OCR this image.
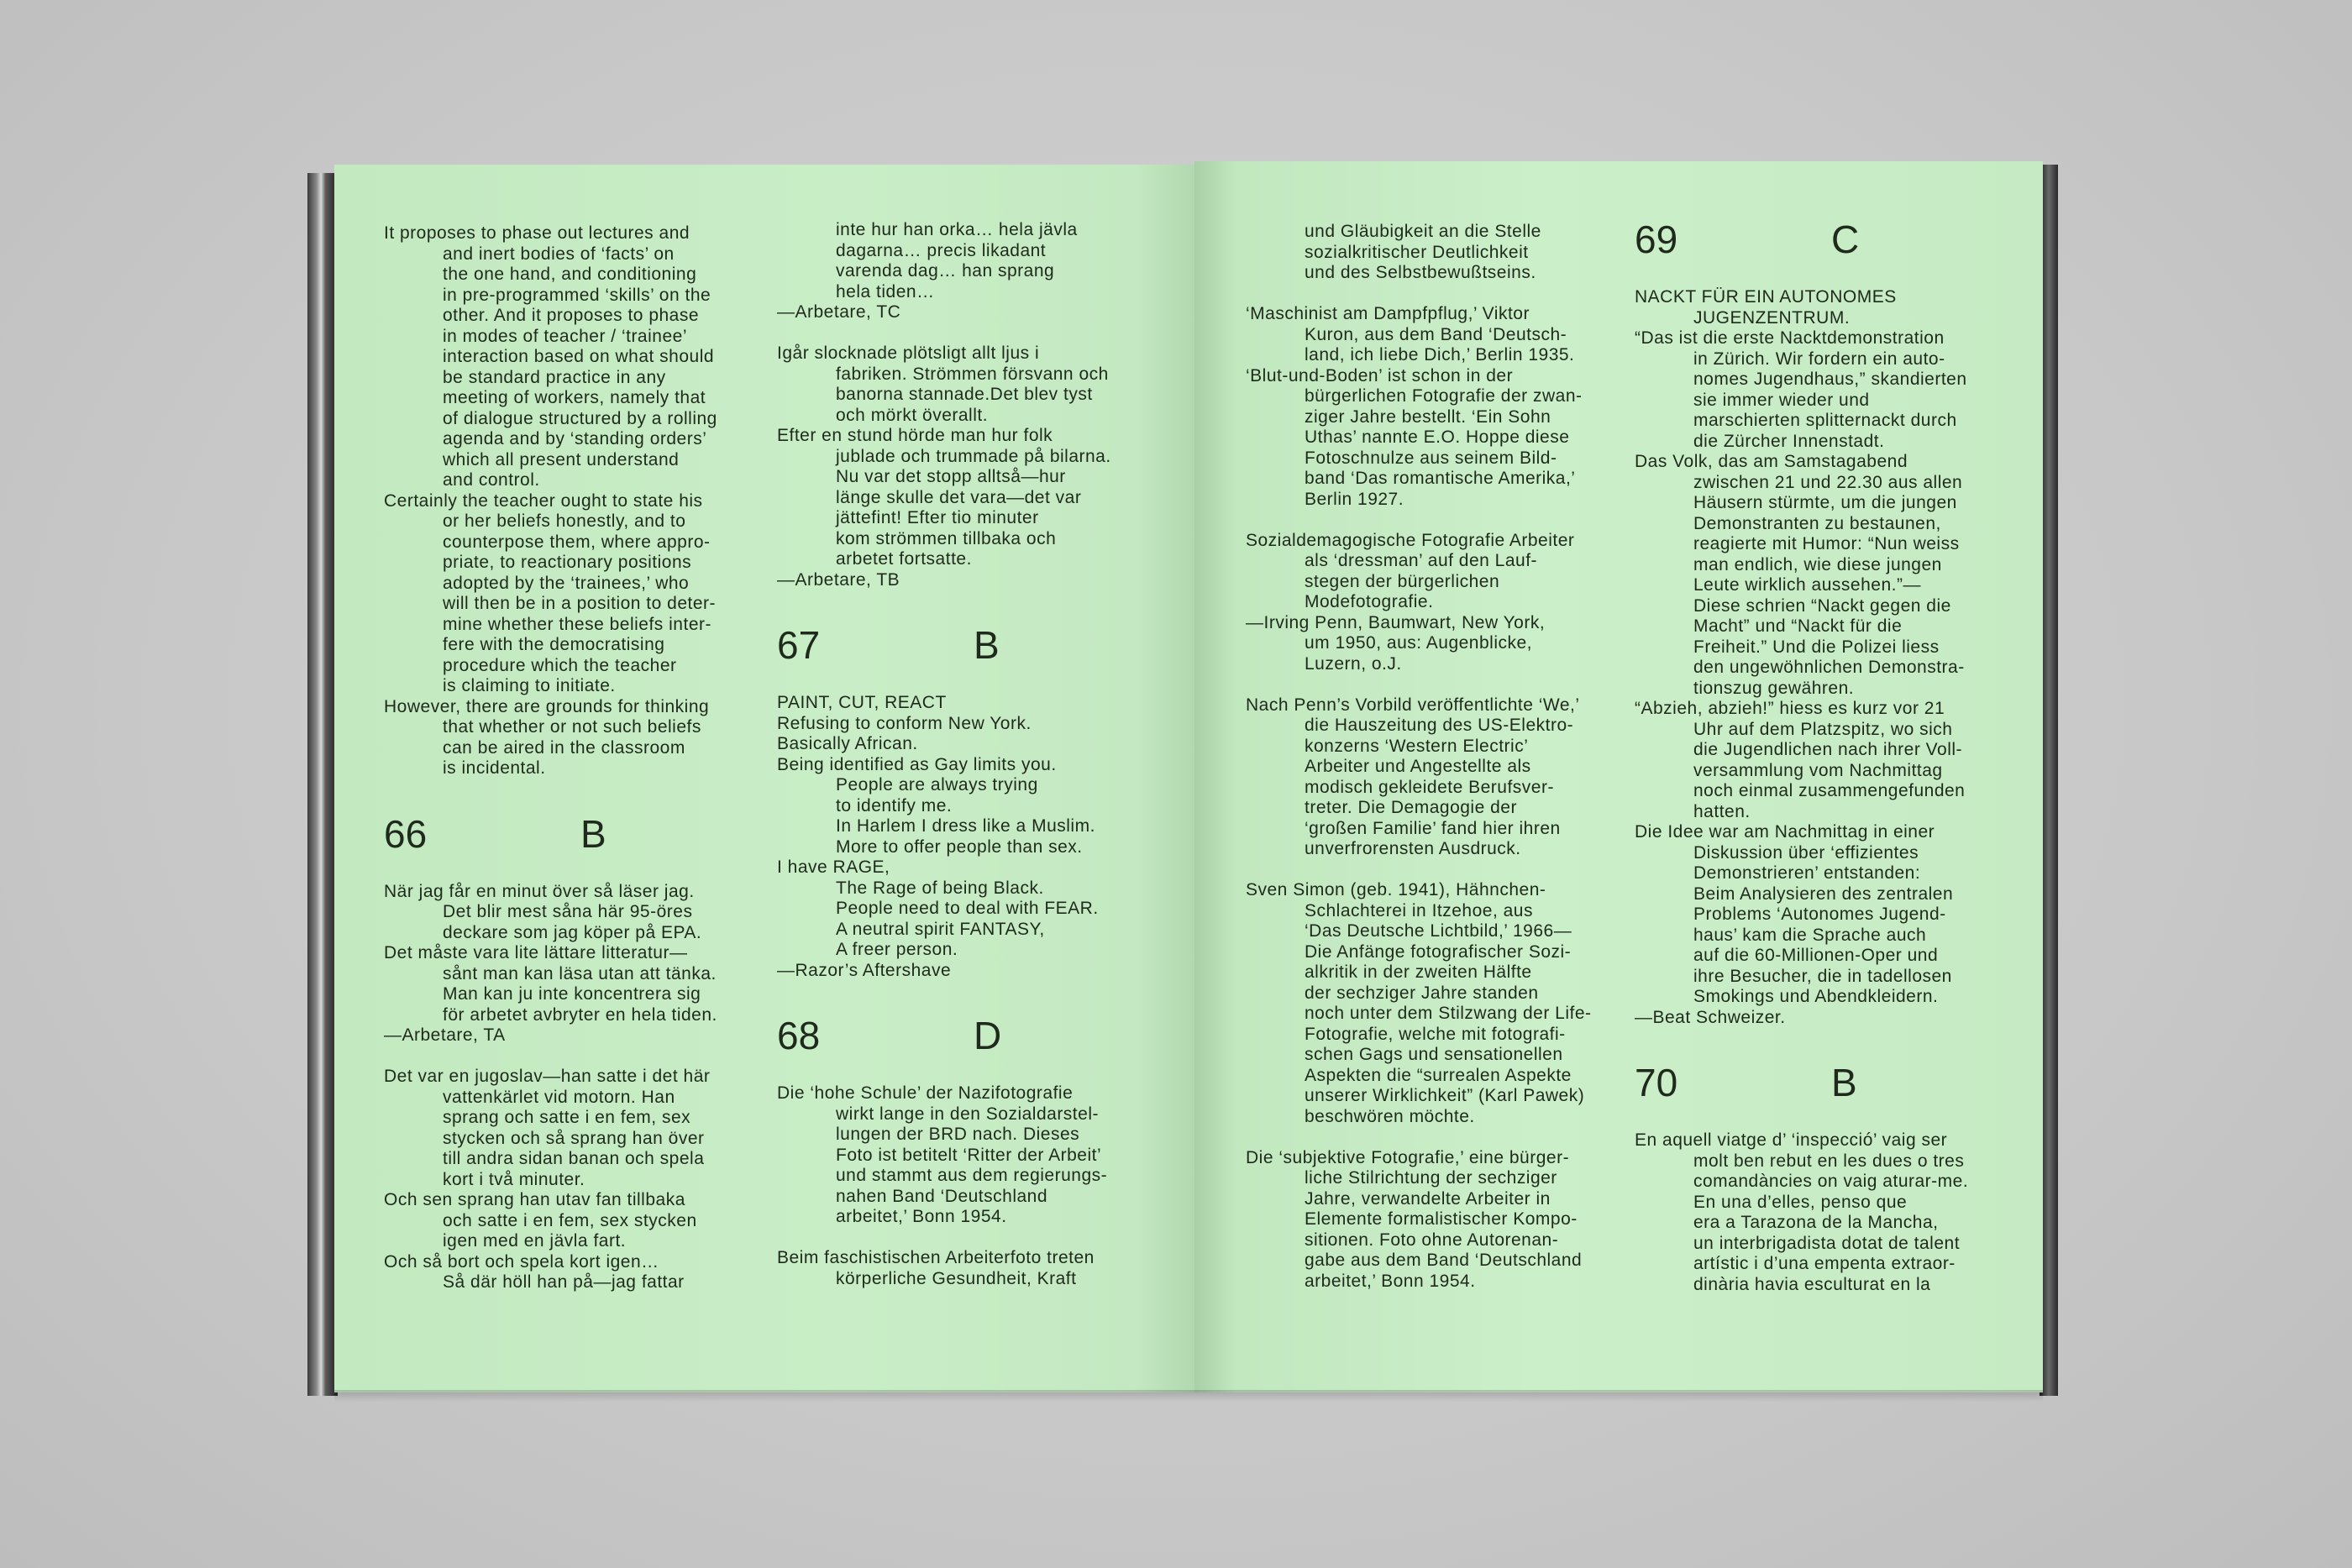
It proposes to phase out lectures and
and inert bodies of ‘facts’ on
the one hand, and conditioning
in pre-programmed ‘skills’ on the
other. And it proposes to phase
in modes of teacher / ‘trainee’
interaction based on what should
be standard practice in any
meeting of workers, namely that
of dialogue structured by a rolling
agenda and by ‘standing orders’
which all present understand
and control.
Certainly the teacher ought to state his
or her beliefs honestly, and to
counterpose them, where appro-
priate, to reactionary positions
adopted by the ‘trainees,’ who
will then be in a position to deter-
mine whether these beliefs inter-
fere with the democratising
procedure which the teacher
is claiming to initiate.
However, there are grounds for thinking
that whether or not such beliefs
can be aired in the classroom
is incidental.
66	B
När jag får en minut över så läser jag.
Det blir mest såna här 95-öres
deckare som jag köper på EPA.
Det måste vara lite lättare litteratur—
sånt man kan läsa utan att tänka.
Man kan ju inte koncentrera sig
för arbetet avbryter en hela tiden.
—Arbetare, TA
Det var en jugoslav—han satte i det här
vattenkärlet vid motorn. Han
sprang och satte i en fem, sex
stycken och så sprang han över
till andra sidan banan och spela
kort i två minuter.
Och sen sprang han utav fan tillbaka
och satte i en fem, sex stycken
igen med en jävla fart.
Och så bort och spela kort igen…
Så där höll han på—jag fattar
inte hur han orka… hela jävla
dagarna… precis likadant
varenda dag… han sprang
hela tiden…
—Arbetare, TC
Igår slocknade plötsligt allt ljus i
fabriken. Strömmen försvann och
banorna stannade.Det blev tyst
och mörkt överallt.
Efter en stund hörde man hur folk
jublade och trummade på bilarna.
Nu var det stopp alltså—hur
länge skulle det vara—det var
jättefint! Efter tio minuter
kom strömmen tillbaka och
arbetet fortsatte.
—Arbetare, TB
67	B
PAINT, CUT, REACT
Refusing to conform New York.
Basically African.
Being identified as Gay limits you.
People are always trying
to identify me.
In Harlem I dress like a Muslim.
More to offer people than sex.
I have RAGE,
The Rage of being Black.
People need to deal with FEAR.
A neutral spirit FANTASY,
A freer person.
—Razor’s Aftershave
68	D
Die ‘hohe Schule’ der Nazifotografie
wirkt lange in den Sozialdarstel-
lungen der BRD nach. Dieses
Foto ist betitelt ‘Ritter der Arbeit’
und stammt aus dem regierungs-
nahen Band ‘Deutschland
arbeitet,’ Bonn 1954.
Beim faschistischen Arbeiterfoto treten
körperliche Gesundheit, Kraft
und Gläubigkeit an die Stelle
sozialkritischer Deutlichkeit
und des Selbstbewußtseins.
‘Maschinist am Dampfpflug,’ Viktor
Kuron, aus dem Band ‘Deutsch-
land, ich liebe Dich,’ Berlin 1935.
‘Blut-und-Boden’ ist schon in der
bürgerlichen Fotografie der zwan-
ziger Jahre bestellt. ‘Ein Sohn
Uthas’ nannte E.O. Hoppe diese
Fotoschnulze aus seinem Bild-
band ‘Das romantische Amerika,’
Berlin 1927.
Sozialdemagogische Fotografie Arbeiter
als ‘dressman’ auf den Lauf-
stegen der bürgerlichen
Modefotografie.
—Irving Penn, Baumwart, New York,
um 1950, aus: Augenblicke,
Luzern, o.J.
Nach Penn’s Vorbild veröffentlichte ‘We,’
die Hauszeitung des US-Elektro-
konzerns ‘Western Electric’
Arbeiter und Angestellte als
modisch gekleidete Berufsver-
treter. Die Demagogie der
‘großen Familie’ fand hier ihren
unverfrorensten Ausdruck.
Sven Simon (geb. 1941), Hähnchen-
Schlachterei in Itzehoe, aus
‘Das Deutsche Lichtbild,’ 1966—
Die Anfänge fotografischer Sozi-
alkritik in der zweiten Hälfte
der sechziger Jahre standen
noch unter dem Stilzwang der Life-
Fotografie, welche mit fotografi-
schen Gags und sensationellen
Aspekten die “surrealen Aspekte
unserer Wirklichkeit” (Karl Pawek)
beschwören möchte.
Die ‘subjektive Fotografie,’ eine bürger-
liche Stilrichtung der sechziger
Jahre, verwandelte Arbeiter in
Elemente formalistischer Kompo-
sitionen. Foto ohne Autorenan-
gabe aus dem Band ‘Deutschland
arbeitet,’ Bonn 1954.
69	C
NACKT FÜR EIN AUTONOMES
JUGENZENTRUM.
“Das ist die erste Nacktdemonstration
in Zürich. Wir fordern ein auto-
nomes Jugendhaus,” skandierten
sie immer wieder und
marschierten splitternackt durch
die Zürcher Innenstadt.
Das Volk, das am Samstagabend
zwischen 21 und 22.30 aus allen
Häusern stürmte, um die jungen
Demonstranten zu bestaunen,
reagierte mit Humor: “Nun weiss
man endlich, wie diese jungen
Leute wirklich aussehen.”—
Diese schrien “Nackt gegen die
Macht” und “Nackt für die
Freiheit.” Und die Polizei liess
den ungewöhnlichen Demonstra-
tionszug gewähren.
“Abzieh, abzieh!” hiess es kurz vor 21
Uhr auf dem Platzspitz, wo sich
die Jugendlichen nach ihrer Voll-
versammlung vom Nachmittag
noch einmal zusammengefunden
hatten.
Die Idee war am Nachmittag in einer
Diskussion über ‘effizientes
Demonstrieren’ entstanden:
Beim Analysieren des zentralen
Problems ‘Autonomes Jugend-
haus’ kam die Sprache auch
auf die 60-Millionen-Oper und
ihre Besucher, die in tadellosen
Smokings und Abendkleidern.
—Beat Schweizer.
70	B
En aquell viatge d’ ‘inspecció’ vaig ser
molt ben rebut en les dues o tres
comandàncies on vaig aturar-me.
En una d’elles, penso que
era a Tarazona de la Mancha,
un interbrigadista dotat de talent
artístic i d’una empenta extraor-
dinària havia esculturat en la
